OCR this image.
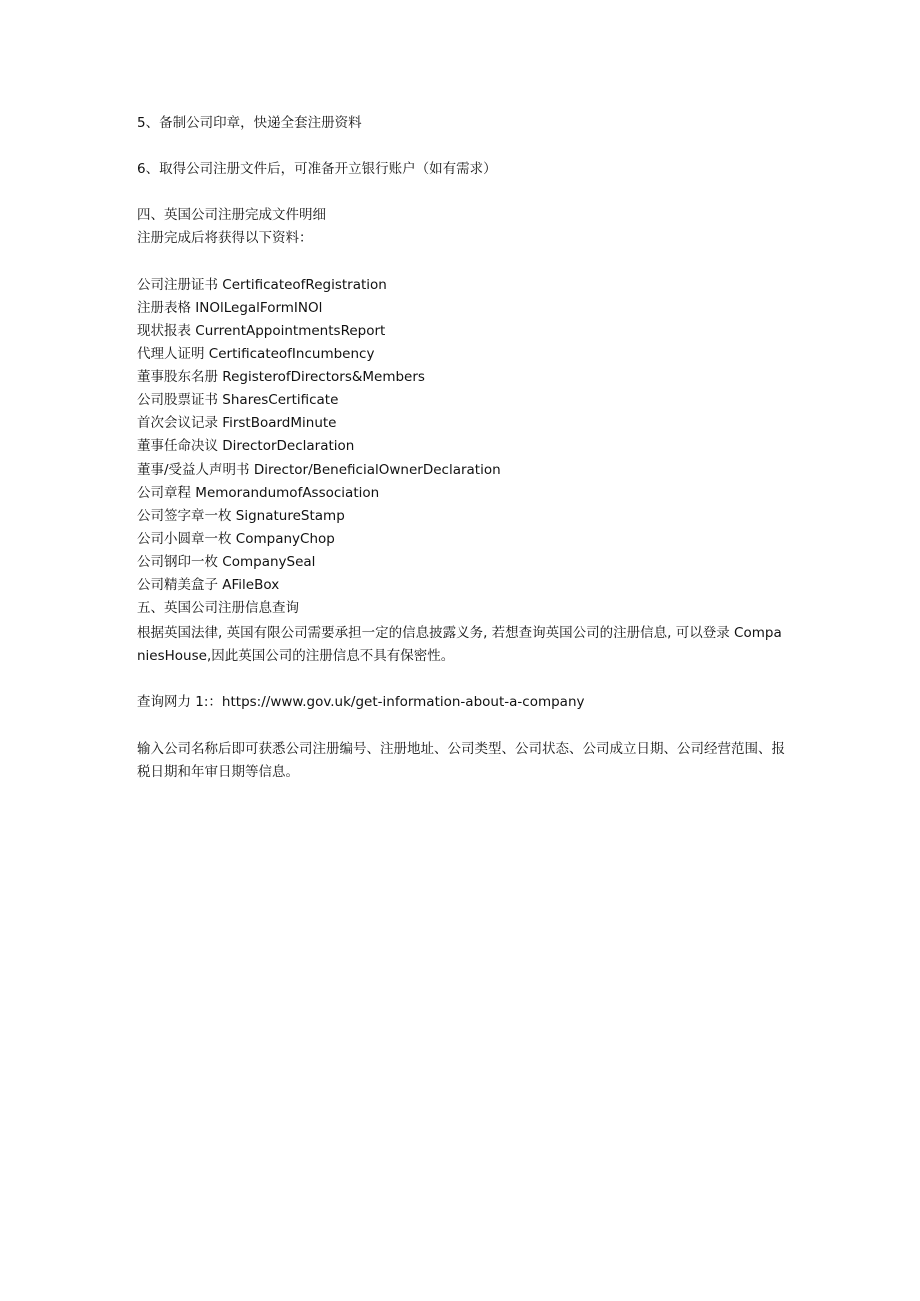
5、备制公司印章，快递全套注册资料
6、取得公司注册文件后，可准备开立银行账户（如有需求）
四、英国公司注册完成文件明细
注册完成后将获得以下资料：
公司注册证书 CertificateofRegistration
注册表格 INOlLegalFormINOl
现状报表 CurrentAppointmentsReport
代理人证明 CertificateofIncumbency
董事股东名册 RegisterofDirectors&Members
公司股票证书 SharesCertificate
首次会议记录 FirstBoardMinute
董事任命决议 DirectorDeclaration
董事/受益人声明书 Director/BeneficialOwnerDeclaration
公司章程 MemorandumofAssociation
公司签字章一枚 SignatureStamp
公司小圆章一枚 CompanyChop
公司钢印一枚 CompanySeal
公司精美盒子 AFileBox
五、英国公司注册信息查询
根据英国法律, 英国有限公司需要承担一定的信息披露义务, 若想查询英国公司的注册信息, 可以登录 CompaniesHouse,因此英国公司的注册信息不具有保密性。
查询网力 1:：https://www.gov.uk/get-information-about-a-company
输入公司名称后即可获悉公司注册编号、注册地址、公司类型、公司状态、公司成立日期、公司经营范围、报税日期和年审日期等信息。
